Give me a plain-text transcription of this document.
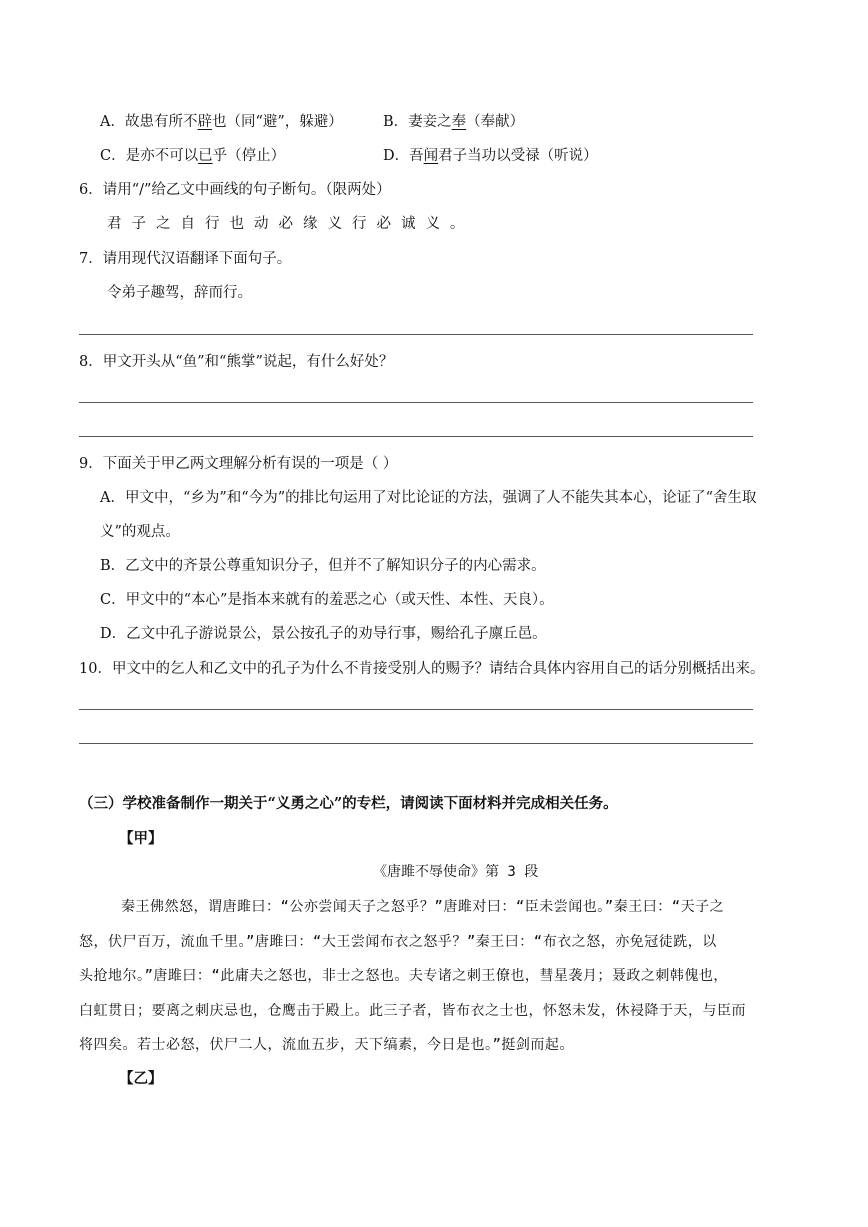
A．故患有所不辟也（同“避”，躲避）	B．妻妾之奉（奉献）
C．是亦不可以已乎（停止）	D．吾闻君子当功以受禄（听说）
6．请用“/”给乙文中画线的句子断句。（限两处）
君子之自行也动必缘义行必诚义。
7．请用现代汉语翻译下面句子。
令弟子趣驾，辞而行。
8．甲文开头从“鱼”和“熊掌”说起，有什么好处？
9．下面关于甲乙两文理解分析有误的一项是（ ）
A．甲文中，“乡为”和“今为”的排比句运用了对比论证的方法，强调了人不能失其本心，论证了“舍生取
义”的观点。
B．乙文中的齐景公尊重知识分子，但并不了解知识分子的内心需求。
C．甲文中的“本心”是指本来就有的羞恶之心（或天性、本性、天良）。
D．乙文中孔子游说景公，景公按孔子的劝导行事，赐给孔子廪丘邑。
10．甲文中的乞人和乙文中的孔子为什么不肯接受别人的赐予？请结合具体内容用自己的话分别概括出来。
（三）学校准备制作一期关于“义勇之心”的专栏，请阅读下面材料并完成相关任务。
【甲】
《唐雎不辱使命》第 3 段
秦王佛然怒，谓唐雎曰：“公亦尝闻天子之怒乎？”唐雎对曰：“臣未尝闻也。”秦王曰：“天子之
怒，伏尸百万，流血千里。”唐雎曰：“大王尝闻布衣之怒乎？”秦王曰：“布衣之怒，亦免冠徒跣，以
头抢地尔。”唐雎曰：“此庸夫之怒也，非士之怒也。夫专诸之刺王僚也，彗星袭月；聂政之刺韩傀也，
白虹贯日；要离之刺庆忌也，仓鹰击于殿上。此三子者，皆布衣之士也，怀怒未发，休祲降于天，与臣而
将四矣。若士必怒，伏尸二人，流血五步，天下缟素，今日是也。”挺剑而起。
【乙】
